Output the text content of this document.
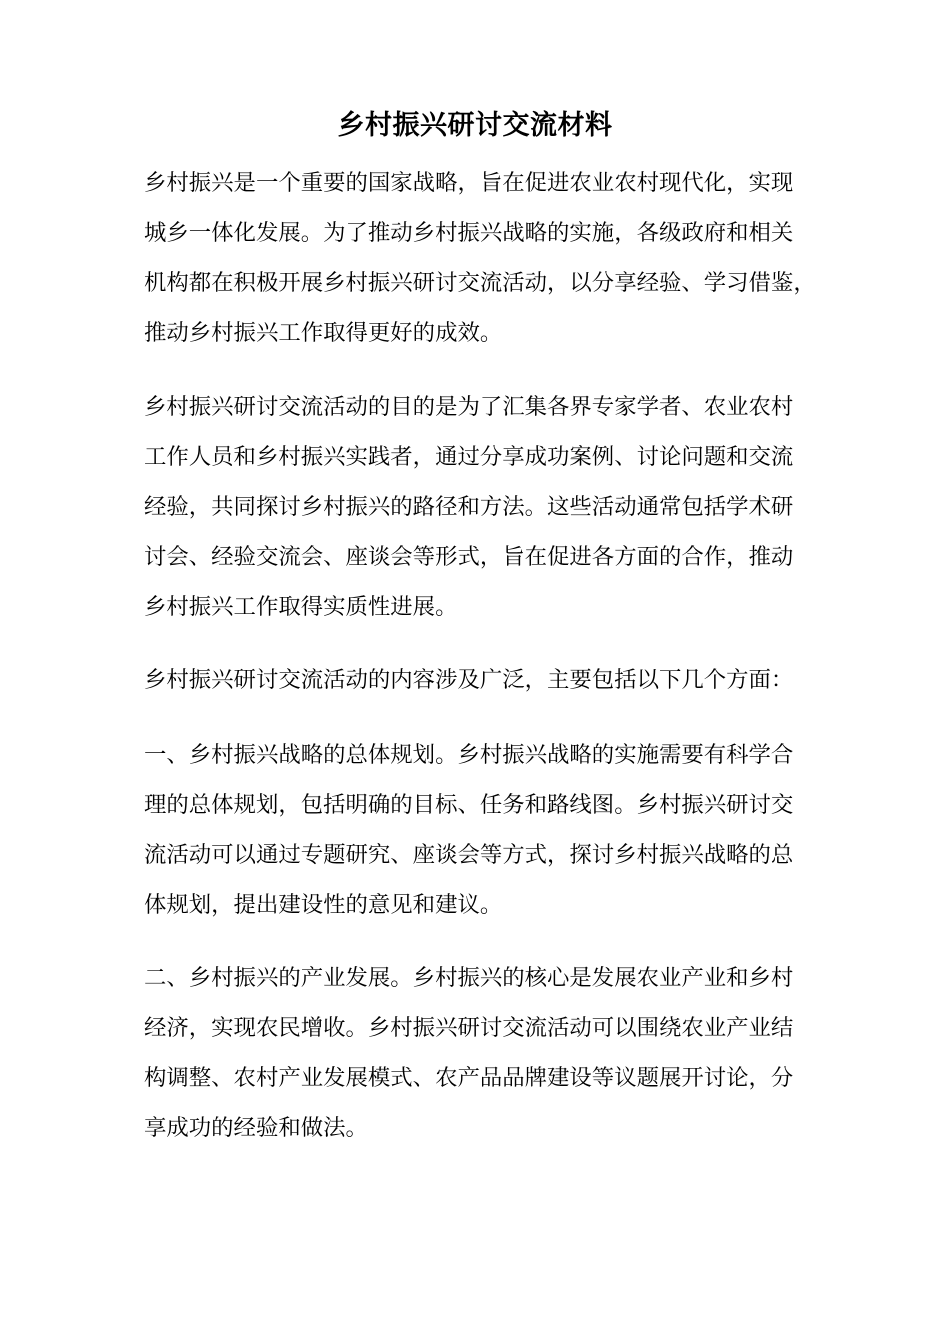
乡村振兴研讨交流材料

乡村振兴是一个重要的国家战略，旨在促进农业农村现代化，实现
城乡一体化发展。为了推动乡村振兴战略的实施，各级政府和相关
机构都在积极开展乡村振兴研讨交流活动，以分享经验、学习借鉴，
推动乡村振兴工作取得更好的成效。

乡村振兴研讨交流活动的目的是为了汇集各界专家学者、农业农村
工作人员和乡村振兴实践者，通过分享成功案例、讨论问题和交流
经验，共同探讨乡村振兴的路径和方法。这些活动通常包括学术研
讨会、经验交流会、座谈会等形式，旨在促进各方面的合作，推动
乡村振兴工作取得实质性进展。

乡村振兴研讨交流活动的内容涉及广泛，主要包括以下几个方面：

一、乡村振兴战略的总体规划。乡村振兴战略的实施需要有科学合
理的总体规划，包括明确的目标、任务和路线图。乡村振兴研讨交
流活动可以通过专题研究、座谈会等方式，探讨乡村振兴战略的总
体规划，提出建设性的意见和建议。

二、乡村振兴的产业发展。乡村振兴的核心是发展农业产业和乡村
经济，实现农民增收。乡村振兴研讨交流活动可以围绕农业产业结
构调整、农村产业发展模式、农产品品牌建设等议题展开讨论，分
享成功的经验和做法。
